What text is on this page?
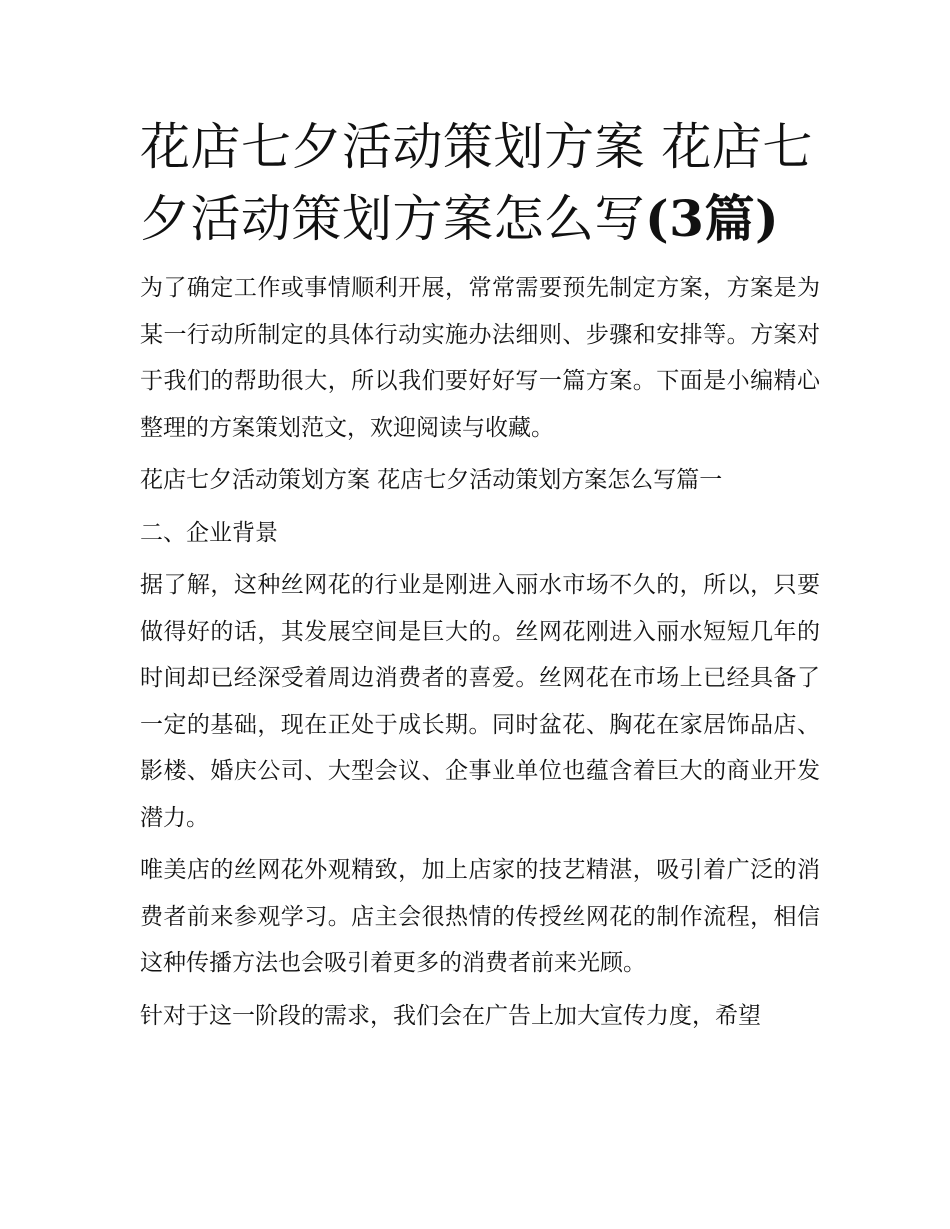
花店七夕活动策划方案 花店七夕活动策划方案怎么写(3篇)

为了确定工作或事情顺利开展，常常需要预先制定方案，方案是为某一行动所制定的具体行动实施办法细则、步骤和安排等。方案对于我们的帮助很大，所以我们要好好写一篇方案。下面是小编精心整理的方案策划范文，欢迎阅读与收藏。

花店七夕活动策划方案 花店七夕活动策划方案怎么写篇一

二、企业背景

据了解，这种丝网花的行业是刚进入丽水市场不久的，所以，只要做得好的话，其发展空间是巨大的。丝网花刚进入丽水短短几年的时间却已经深受着周边消费者的喜爱。丝网花在市场上已经具备了一定的基础，现在正处于成长期。同时盆花、胸花在家居饰品店、影楼、婚庆公司、大型会议、企事业单位也蕴含着巨大的商业开发潜力。

唯美店的丝网花外观精致，加上店家的技艺精湛，吸引着广泛的消费者前来参观学习。店主会很热情的传授丝网花的制作流程，相信这种传播方法也会吸引着更多的消费者前来光顾。

针对于这一阶段的需求，我们会在广告上加大宣传力度，希望
